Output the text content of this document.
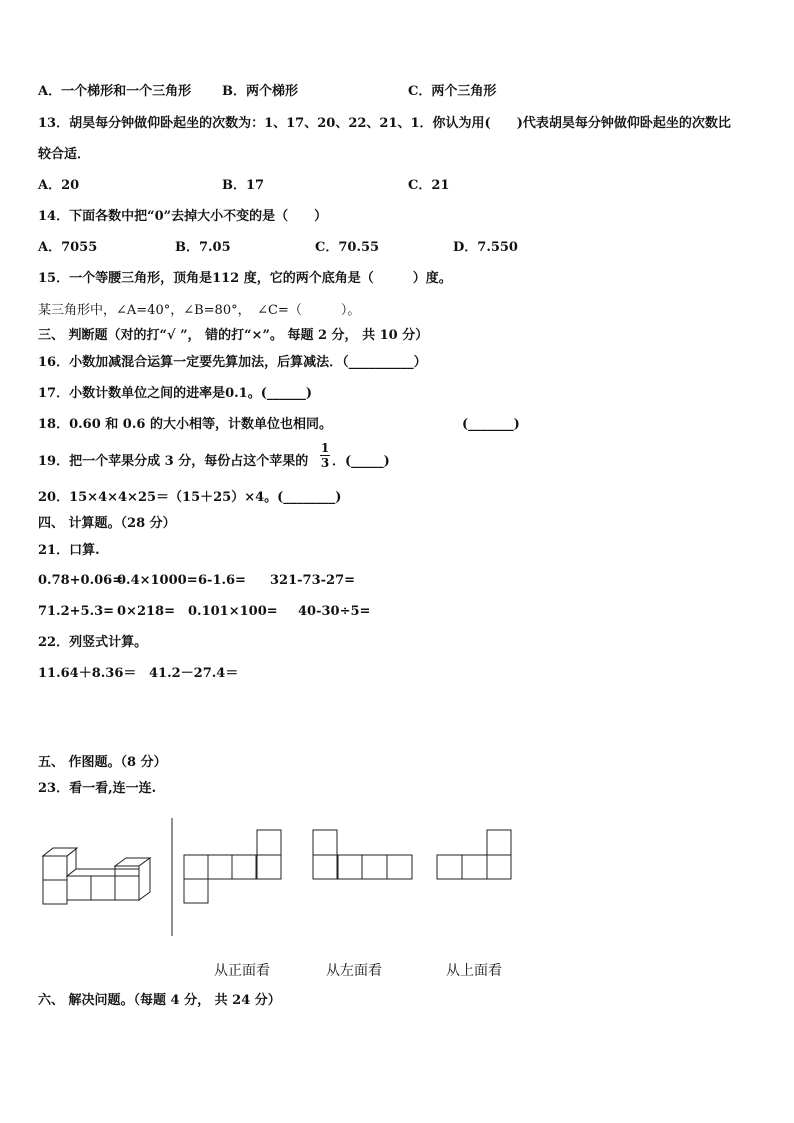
A．一个梯形和一个三角形 B．两个梯形	C．两个三角形
13．胡昊每分钟做仰卧起坐的次数为：1、17、20、22、21、1．你认为用(　　)代表胡昊每分钟做仰卧起坐的次数比
较合适．
A．20	B．17	C．21
14．下面各数中把“0”去掉大小不变的是（　　）
A．7055	B．7.05	C．70.55	D．7.550
15．一个等腰三角形，顶角是112 度，它的两个底角是（　　　）度。
某三角形中，∠A=40°，∠B=80°，　∠C=（　　　）。
三、 判断题（对的打“√ ”， 错的打“×”。 每题 2 分， 共 10 分）
16．小数加减混合运算一定要先算加法，后算减法．（__________）
17．小数计数单位之间的进率是0.1。(______)
18．0.60 和 0.6 的大小相等，计数单位也相同。	(_______)
19．把一个苹果分成 3 分，每份占这个苹果的
1
3 ．(_____)
20．15×4×4×25＝（15＋25）×4。(________)
四、 计算题。（28 分）
21．口算.
0.78+0.06=
0.4×1000= 6-1.6= 321-73-27=
71.2+5.3= 0×218= 0.101×100= 40-30÷5=
22．列竖式计算。
11.64＋8.36＝ 41.2－27.4＝
五、 作图题。（8 分）
23．看一看,连一连.
从正面看	从左面看	从上面看
六、 解决问题。（每题 4 分， 共 24 分）
